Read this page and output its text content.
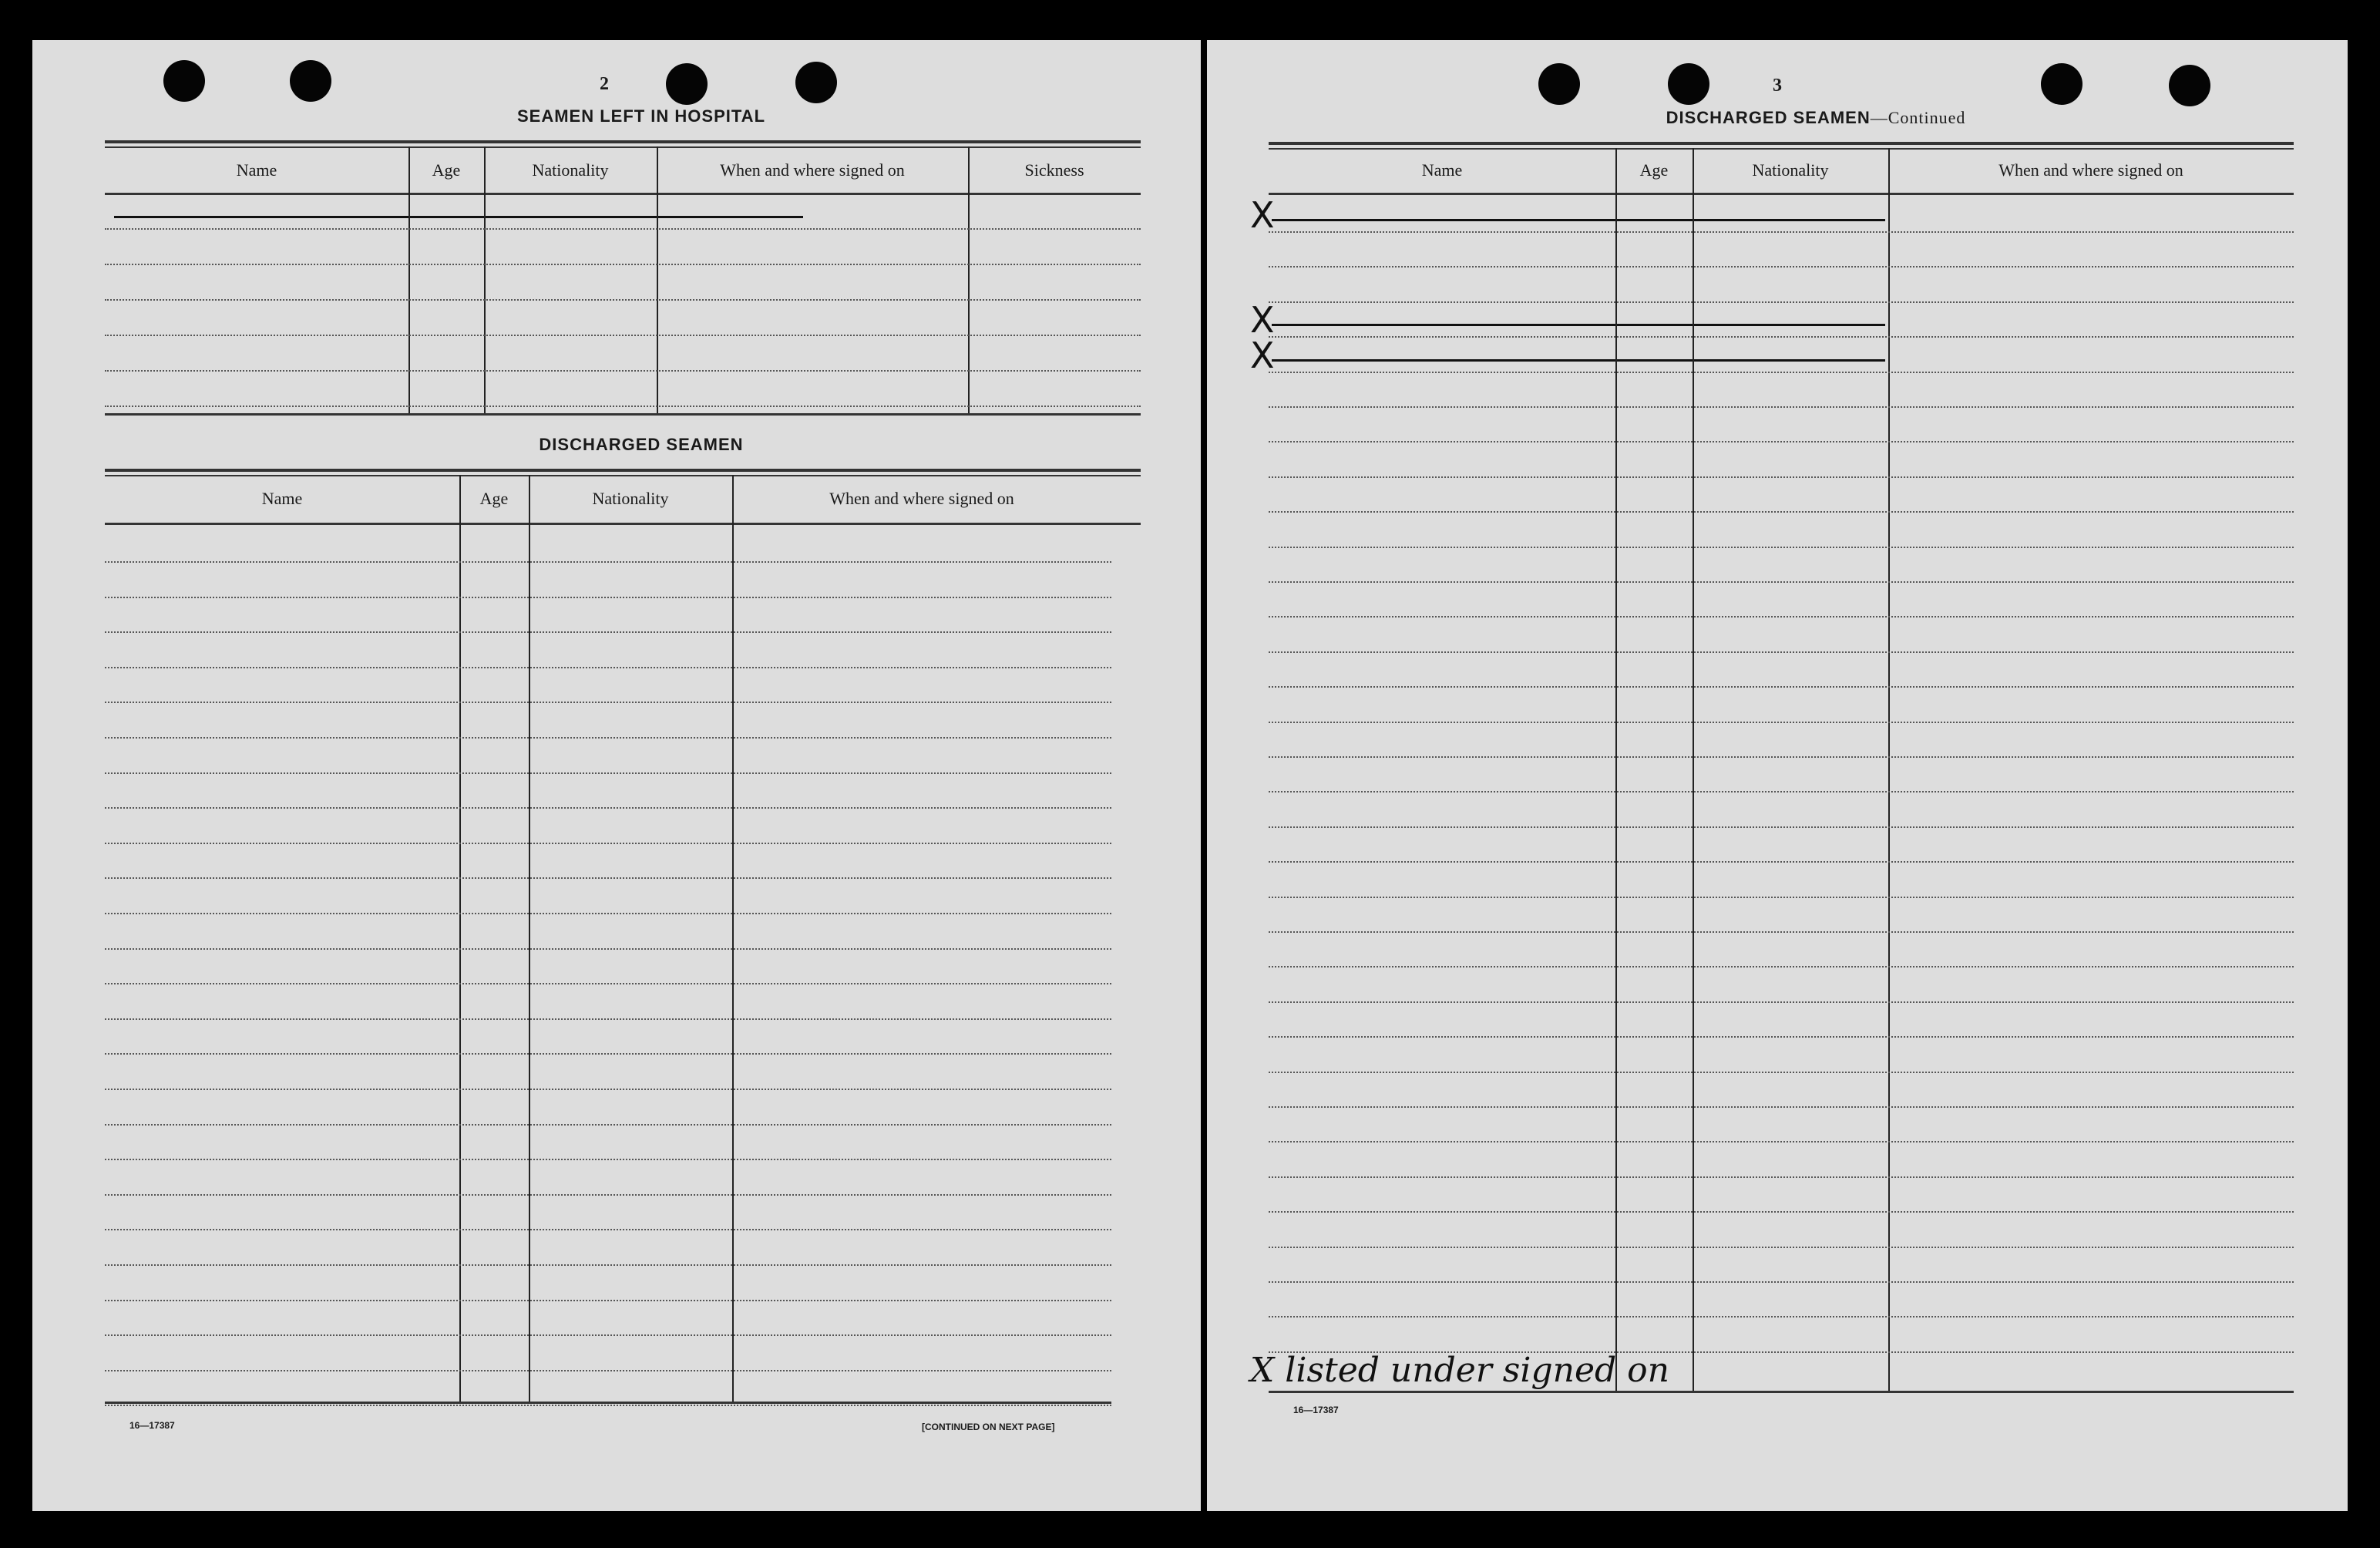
2
SEAMEN LEFT IN HOSPITAL
Name	Age	Nationality	When and where signed on	Sickness
DISCHARGED SEAMEN
Name	Age	Nationality	When and where signed on
16—17387	[CONTINUED ON NEXT PAGE]
3
DISCHARGED SEAMEN—Continued
Name	Age	Nationality	When and where signed on
X
X
X
X listed under signed on
16—17387
